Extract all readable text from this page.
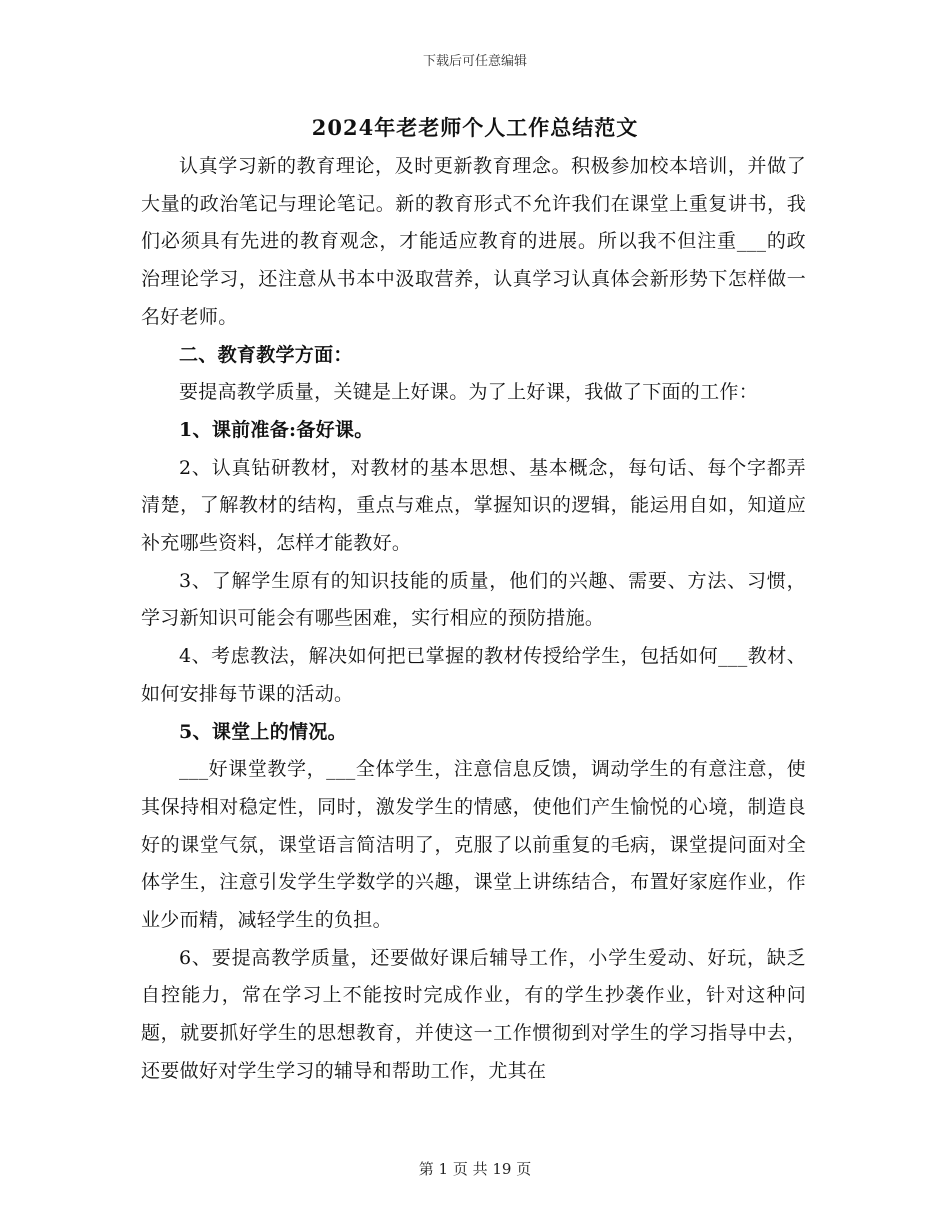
下载后可任意编辑
2024年老老师个人工作总结范文

认真学习新的教育理论，及时更新教育理念。积极参加校本培训，并做了大量的政治笔记与理论笔记。新的教育形式不允许我们在课堂上重复讲书，我们必须具有先进的教育观念，才能适应教育的进展。所以我不但注重___的政治理论学习，还注意从书本中汲取营养，认真学习认真体会新形势下怎样做一名好老师。

二、教育教学方面：

要提高教学质量，关键是上好课。为了上好课，我做了下面的工作：

1、课前准备:备好课。

2、认真钻研教材，对教材的基本思想、基本概念，每句话、每个字都弄清楚，了解教材的结构，重点与难点，掌握知识的逻辑，能运用自如，知道应补充哪些资料，怎样才能教好。

3、了解学生原有的知识技能的质量，他们的兴趣、需要、方法、习惯，学习新知识可能会有哪些困难，实行相应的预防措施。

4、考虑教法，解决如何把已掌握的教材传授给学生，包括如何___教材、如何安排每节课的活动。

5、课堂上的情况。

___好课堂教学，___全体学生，注意信息反馈，调动学生的有意注意，使其保持相对稳定性，同时，激发学生的情感，使他们产生愉悦的心境，制造良好的课堂气氛，课堂语言简洁明了，克服了以前重复的毛病，课堂提问面对全体学生，注意引发学生学数学的兴趣，课堂上讲练结合，布置好家庭作业，作业少而精，减轻学生的负担。

6、要提高教学质量，还要做好课后辅导工作，小学生爱动、好玩，缺乏自控能力，常在学习上不能按时完成作业，有的学生抄袭作业，针对这种问题，就要抓好学生的思想教育，并使这一工作惯彻到对学生的学习指导中去，还要做好对学生学习的辅导和帮助工作，尤其在

第 1 页 共 19 页
